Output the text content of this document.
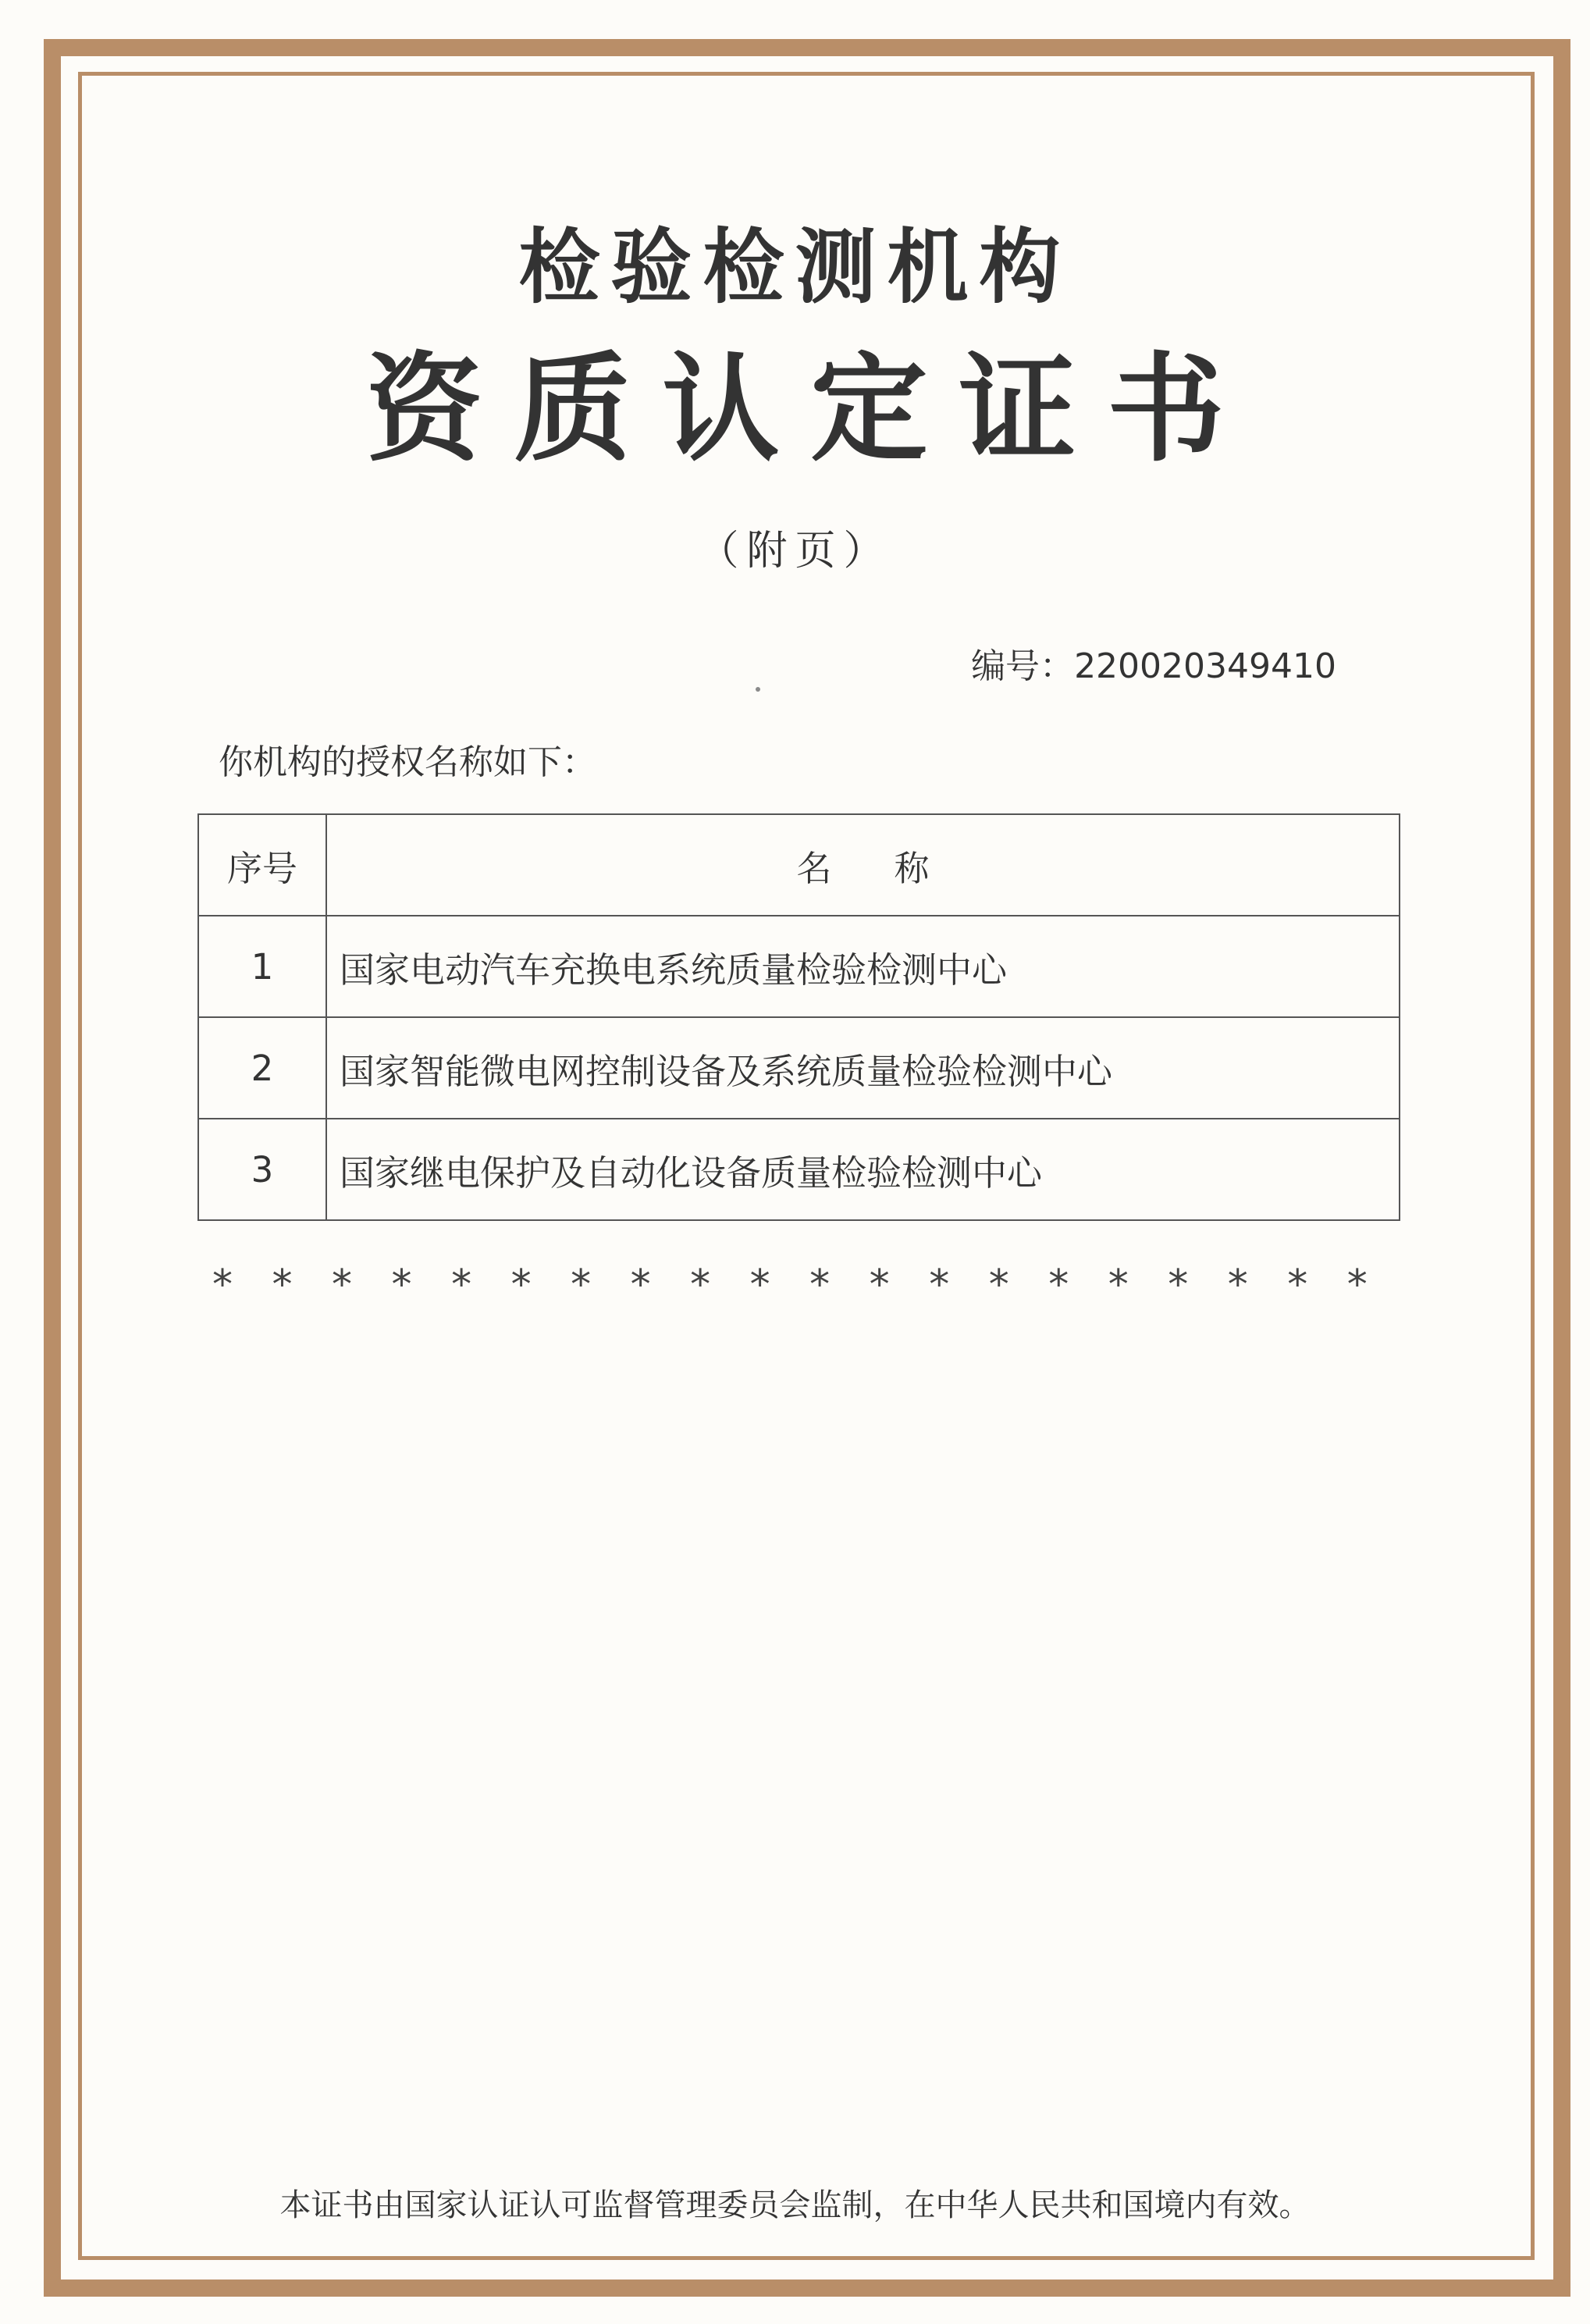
检验检测机构
资质认定证书
（附页）
编号：220020349410
你机构的授权名称如下：
序号	名称
1	国家电动汽车充换电系统质量检验检测中心
2	国家智能微电网控制设备及系统质量检验检测中心
3	国家继电保护及自动化设备质量检验检测中心
* * * * * * * * * * * * * * * * * * * *
本证书由国家认证认可监督管理委员会监制，在中华人民共和国境内有效。
